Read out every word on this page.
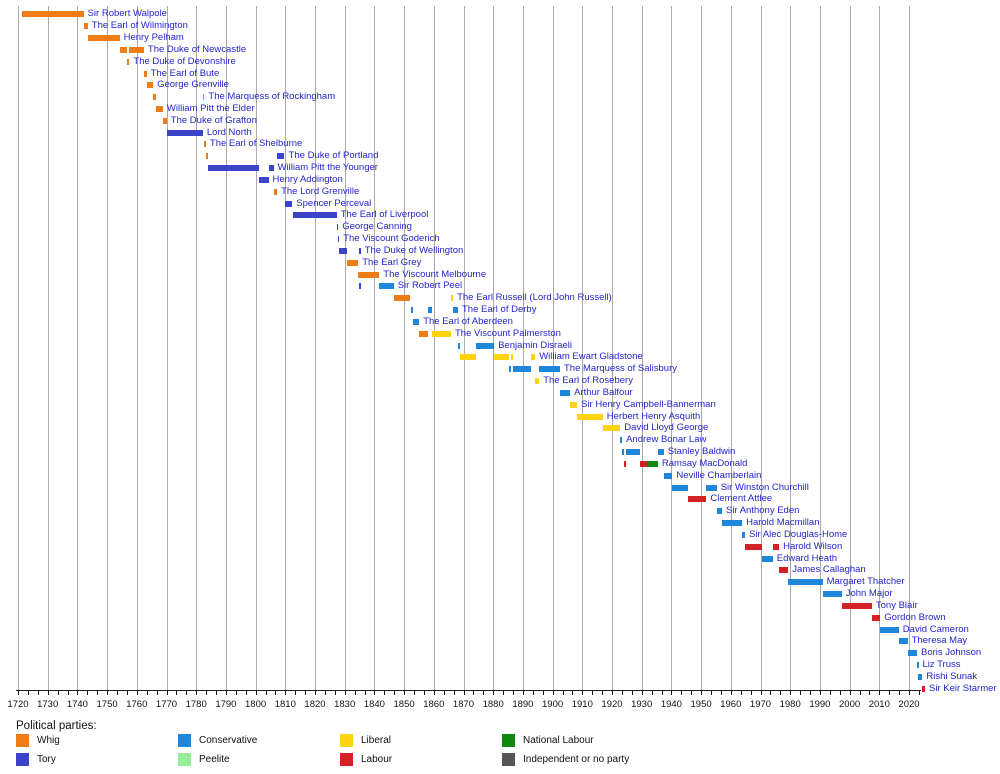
Sir Robert Walpole
The Earl of Wilmington
Henry Pelham
The Duke of Newcastle
The Duke of Devonshire
The Earl of Bute
George Grenville
The Marquess of Rockingham
William Pitt the Elder
The Duke of Grafton
Lord North
The Earl of Shelburne
The Duke of Portland
William Pitt the Younger
Henry Addington
The Lord Grenville
Spencer Perceval
The Earl of Liverpool
George Canning
The Viscount Goderich
The Duke of Wellington
The Earl Grey
The Viscount Melbourne
Sir Robert Peel
The Earl Russell (Lord John Russell)
The Earl of Derby
The Earl of Aberdeen
The Viscount Palmerston
Benjamin Disraeli
William Ewart Gladstone
The Marquess of Salisbury
The Earl of Rosebery
Arthur Balfour
Sir Henry Campbell-Bannerman
Herbert Henry Asquith
David Lloyd George
Andrew Bonar Law
Stanley Baldwin
Ramsay MacDonald
Neville Chamberlain
Sir Winston Churchill
Clement Attlee
Sir Anthony Eden
Harold Macmillan
Sir Alec Douglas-Home
Harold Wilson
Edward Heath
James Callaghan
Margaret Thatcher
John Major
Tony Blair
Gordon Brown
David Cameron
Theresa May
Boris Johnson
Liz Truss
Rishi Sunak
Sir Keir Starmer
1720 1730 1740 1750 1760 1770 1780 1790 1800 1810 1820 1830 1840 1850 1860 1870 1880 1890 1900 1910 1920 1930 1940 1950 1960 1970 1980 1990 2000 2010 2020
Political parties:
Whig	Conservative	Liberal	National Labour
Tory	Peelite	Labour	Independent or no party
